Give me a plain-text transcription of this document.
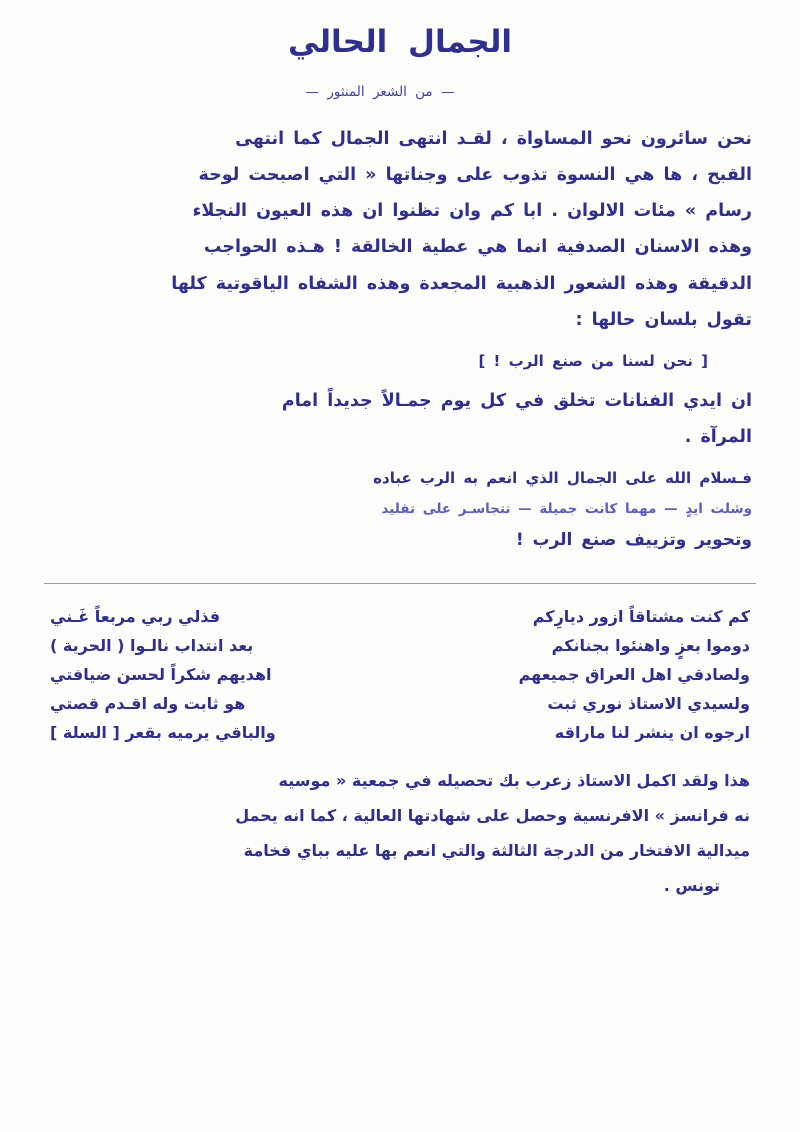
الجمال الحالي
— من الشعر المنثور —

نحن سائرون نحو المساواة ، لقـد انتهى الجمال كما انتهى

القبح ، ها هي النسوة تذوب على وجناتها « التي اصبحت لوحة

رسام » مئات الالوان . ابا كم وان تظنوا ان هذه العيون النجلاء

وهذه الاسنان الصدفية انما هي عطية الخالقة ! هـذه الحواجب

الدقيقة وهذه الشعور الذهبية المجعدة وهذه الشفاه الياقوتية كلها

تقول بلسان حالها :

[ نحن لسنا من صنع الرب ! ]

ان ايدي الفنانات تخلق في كل يوم جمـالاً جديداً امام

المرآة .

فـسلام الله على الجمال الذي انعم به الرب عباده

وشلت ايدٍ — مهما كانت جميلة — تتجاسـر على تقليد

وتحوير وتزييف صنع الرب !

كم كنت مشتاقاً ازور ديارِكم	فذلي ربي مربعاً غَـني
دوموا بعزٍ واهنئوا بجنانكم	بعد انتداب نالـوا ( الحرية )
ولصادقي اهل العراق جميعهم	اهديهم شكراً لحسن ضيافتي
ولسيدي الاستاذ نوري ثبت	هو ثابت وله اقـدم قصتي
ارجوه ان ينشر لنا ماراقه	والباقي يرميه بقعر [ السلة ]

هذا ولقد اكمل الاستاذ زعرب بك تحصيله في جمعية « موسيه

نه فرانسز » الافرنسية وحصل على شهادتها العالية ، كما انه يحمل

ميدالية الافتخار من الدرجة الثالثة والتي انعم بها عليه بباي فخامة

تونس .
